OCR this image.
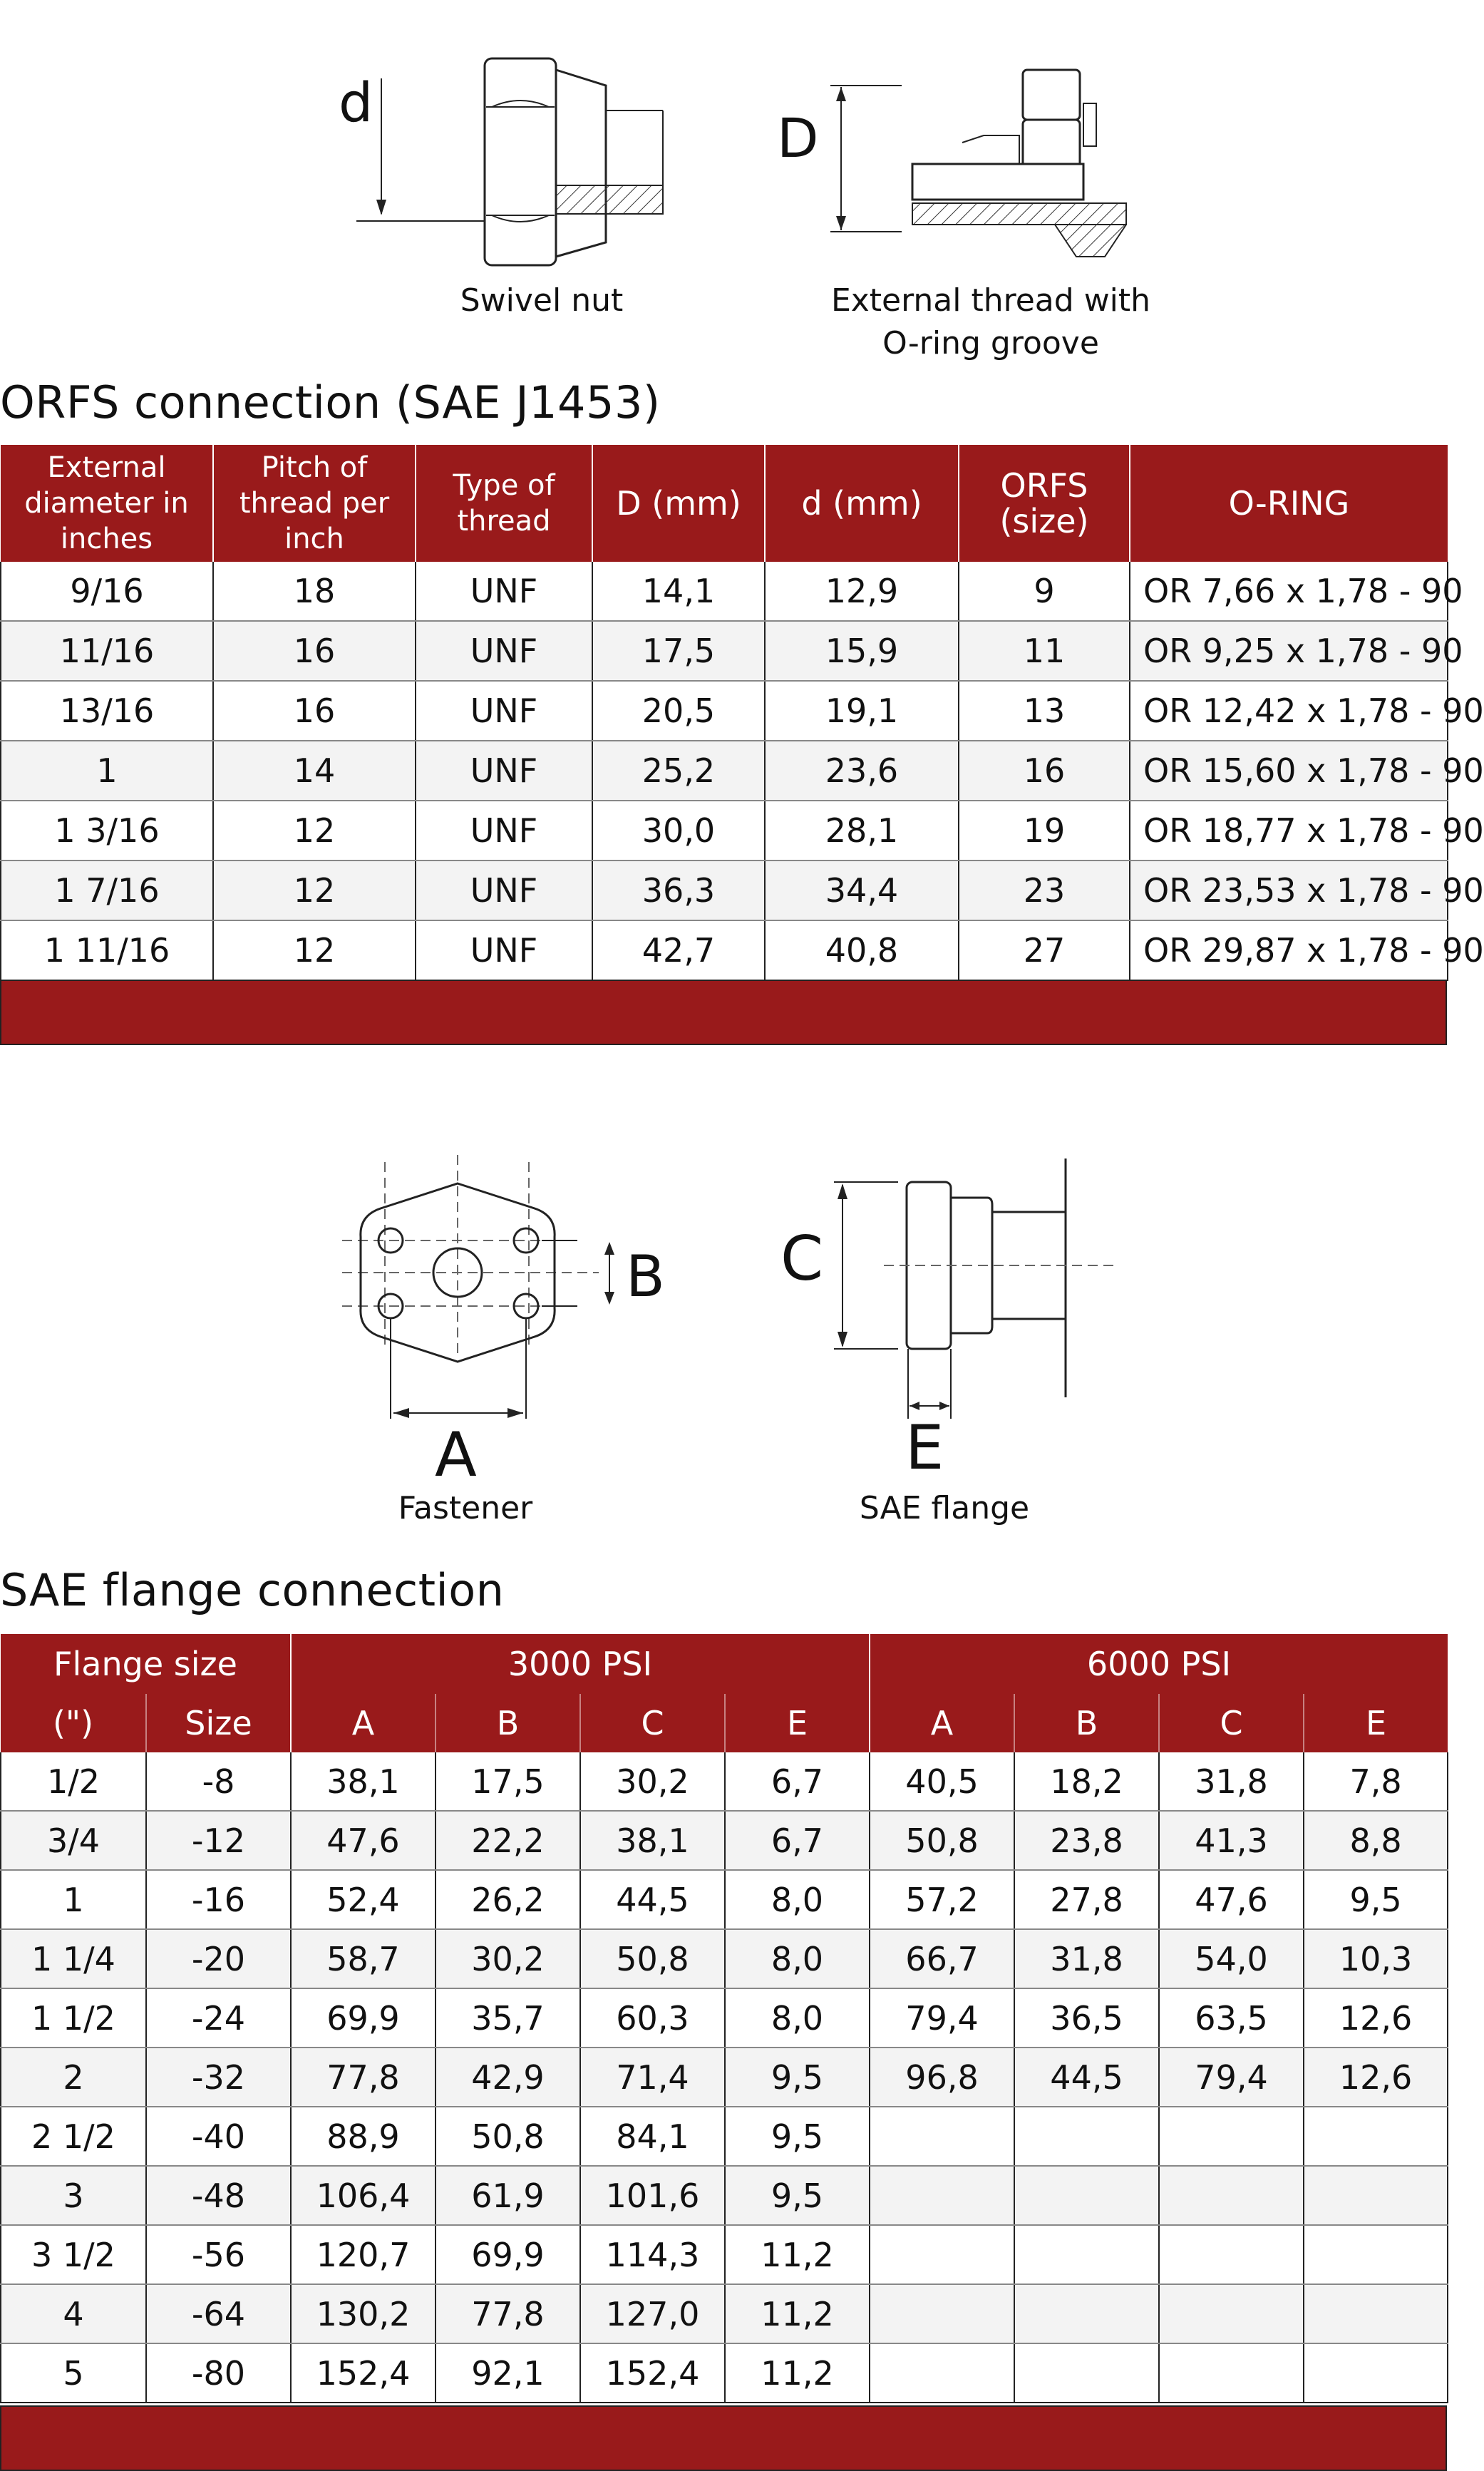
d
Swivel nut
D
External thread with
O-ring groove
ORFS connection (SAE J1453)
External diameter in inches	Pitch of thread per inch	Type of thread	D (mm)	d (mm)	ORFS (size)	O-RING
9/16	18	UNF	14,1	12,9	9	OR 7,66 x 1,78 - 90
11/16	16	UNF	17,5	15,9	11	OR 9,25 x 1,78 - 90
13/16	16	UNF	20,5	19,1	13	OR 12,42 x 1,78 - 90
1	14	UNF	25,2	23,6	16	OR 15,60 x 1,78 - 90
1 3/16	12	UNF	30,0	28,1	19	OR 18,77 x 1,78 - 90
1 7/16	12	UNF	36,3	34,4	23	OR 23,53 x 1,78 - 90
1 11/16	12	UNF	42,7	40,8	27	OR 29,87 x 1,78 - 90
B
A
Fastener
C
E
SAE flange
SAE flange connection
Flange size		3000 PSI				6000 PSI			
(")	Size	A	B	C	E	A	B	C	E
1/2	-8	38,1	17,5	30,2	6,7	40,5	18,2	31,8	7,8
3/4	-12	47,6	22,2	38,1	6,7	50,8	23,8	41,3	8,8
1	-16	52,4	26,2	44,5	8,0	57,2	27,8	47,6	9,5
1 1/4	-20	58,7	30,2	50,8	8,0	66,7	31,8	54,0	10,3
1 1/2	-24	69,9	35,7	60,3	8,0	79,4	36,5	63,5	12,6
2	-32	77,8	42,9	71,4	9,5	96,8	44,5	79,4	12,6
2 1/2	-40	88,9	50,8	84,1	9,5				
3	-48	106,4	61,9	101,6	9,5				
3 1/2	-56	120,7	69,9	114,3	11,2				
4	-64	130,2	77,8	127,0	11,2				
5	-80	152,4	92,1	152,4	11,2				
